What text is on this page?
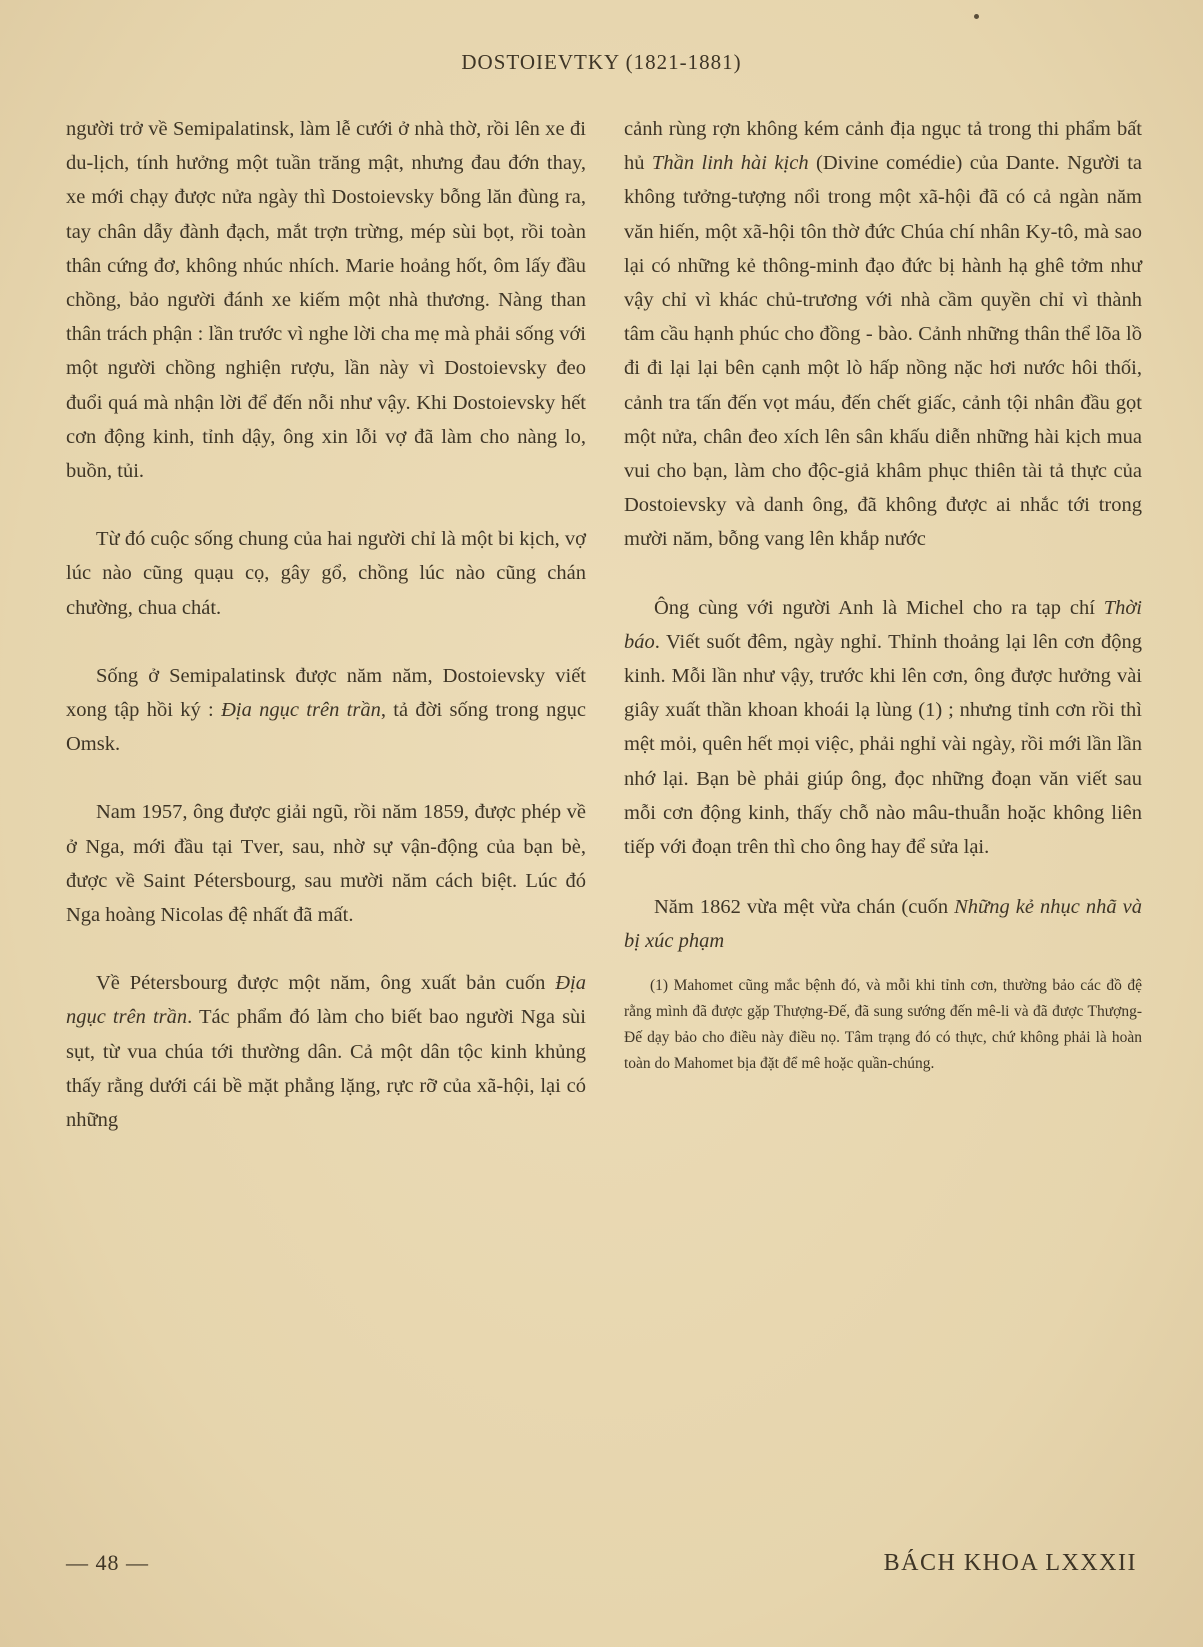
DOSTOIEVTKY (1821-1881)

người trở về Semipalatinsk, làm lễ cưới ở nhà thờ, rồi lên xe đi du-lịch, tính hưởng một tuần trăng mật, nhưng đau đớn thay, xe mới chạy được nửa ngày thì Dostoievsky bỗng lăn đùng ra, tay chân dẫy đành đạch, mắt trợn trừng, mép sùi bọt, rồi toàn thân cứng đơ, không nhúc nhích. Marie hoảng hốt, ôm lấy đầu chồng, bảo người đánh xe kiếm một nhà thương. Nàng than thân trách phận : lần trước vì nghe lời cha mẹ mà phải sống với một người chồng nghiện rượu, lần này vì Dostoievsky đeo đuổi quá mà nhận lời để đến nỗi như vậy. Khi Dostoievsky hết cơn động kinh, tỉnh dậy, ông xin lỗi vợ đã làm cho nàng lo, buồn, tủi.

Từ đó cuộc sống chung của hai người chỉ là một bi kịch, vợ lúc nào cũng quạu cọ, gây gổ, chồng lúc nào cũng chán chường, chua chát.

Sống ở Semipalatinsk được năm năm, Dostoievsky viết xong tập hồi ký : Địa ngục trên trần, tả đời sống trong ngục Omsk.

Nam 1957, ông được giải ngũ, rồi năm 1859, được phép về ở Nga, mới đầu tại Tver, sau, nhờ sự vận-động của bạn bè, được về Saint Pétersbourg, sau mười năm cách biệt. Lúc đó Nga hoàng Nicolas đệ nhất đã mất.

Về Pétersbourg được một năm, ông xuất bản cuốn Địa ngục trên trần. Tác phẩm đó làm cho biết bao người Nga sùi sụt, từ vua chúa tới thường dân. Cả một dân tộc kinh khủng thấy rằng dưới cái bề mặt phẳng lặng, rực rỡ của xã-hội, lại có những

cảnh rùng rợn không kém cảnh địa ngục tả trong thi phẩm bất hủ Thần linh hài kịch (Divine comédie) của Dante. Người ta không tưởng-tượng nổi trong một xã-hội đã có cả ngàn năm văn hiến, một xã-hội tôn thờ đức Chúa chí nhân Ky-tô, mà sao lại có những kẻ thông-minh đạo đức bị hành hạ ghê tởm như vậy chỉ vì khác chủ-trương với nhà cầm quyền chỉ vì thành tâm cầu hạnh phúc cho đồng - bào. Cảnh những thân thể lõa lồ đi đi lại lại bên cạnh một lò hấp nồng nặc hơi nước hôi thối, cảnh tra tấn đến vọt máu, đến chết giấc, cảnh tội nhân đầu gọt một nửa, chân đeo xích lên sân khấu diễn những hài kịch mua vui cho bạn, làm cho độc-giả khâm phục thiên tài tả thực của Dostoievsky và danh ông, đã không được ai nhắc tới trong mười năm, bỗng vang lên khắp nước

Ông cùng với người Anh là Michel cho ra tạp chí Thời báo. Viết suốt đêm, ngày nghỉ. Thỉnh thoảng lại lên cơn động kinh. Mỗi lần như vậy, trước khi lên cơn, ông được hưởng vài giây xuất thần khoan khoái lạ lùng (1) ; nhưng tỉnh cơn rồi thì mệt mỏi, quên hết mọi việc, phải nghỉ vài ngày, rồi mới lần lần nhớ lại. Bạn bè phải giúp ông, đọc những đoạn văn viết sau mỗi cơn động kinh, thấy chỗ nào mâu-thuẫn hoặc không liên tiếp với đoạn trên thì cho ông hay để sửa lại.

Năm 1862 vừa mệt vừa chán (cuốn Những kẻ nhục nhã và bị xúc phạm

(1) Mahomet cũng mắc bệnh đó, và mỗi khi tỉnh cơn, thường bảo các đồ đệ rằng mình đã được gặp Thượng-Đế, đã sung sướng đến mê-li và đã được Thượng-Đế dạy bảo cho điều này điều nọ. Tâm trạng đó có thực, chứ không phải là hoàn toàn do Mahomet bịa đặt để mê hoặc quần-chúng.
— 48 —	BÁCH KHOA LXXXII
